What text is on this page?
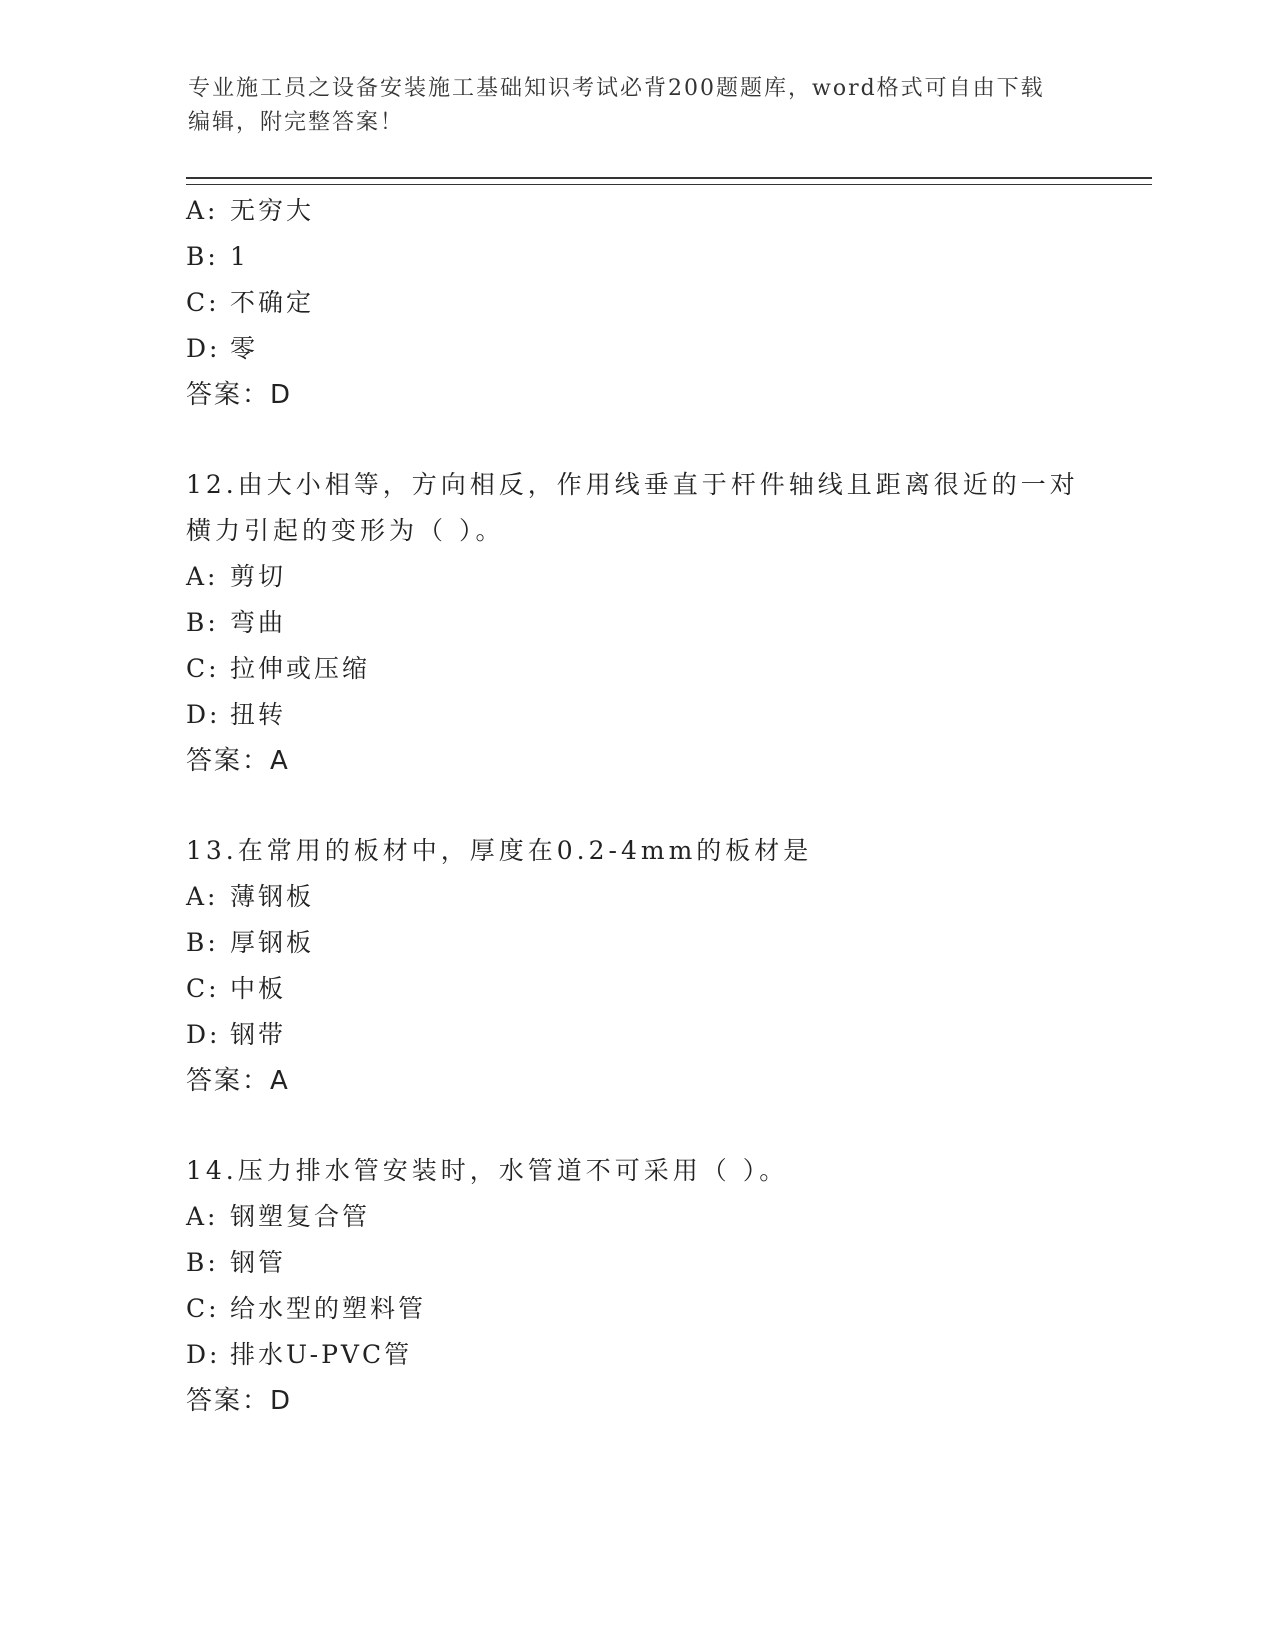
专业施工员之设备安装施工基础知识考试必背200题题库，word格式可自由下载
编辑，附完整答案！
A: 无穷大
B: 1
C: 不确定
D: 零
答案：D
12.由大小相等，方向相反，作用线垂直于杆件轴线且距离很近的一对
横力引起的变形为（ ）。
A: 剪切
B: 弯曲
C: 拉伸或压缩
D: 扭转
答案：A
13.在常用的板材中，厚度在0.2-4mm的板材是
A: 薄钢板
B: 厚钢板
C: 中板
D: 钢带
答案：A
14.压力排水管安装时，水管道不可采用（ ）。
A: 钢塑复合管
B: 钢管
C: 给水型的塑料管
D: 排水U-PVC管
答案：D
